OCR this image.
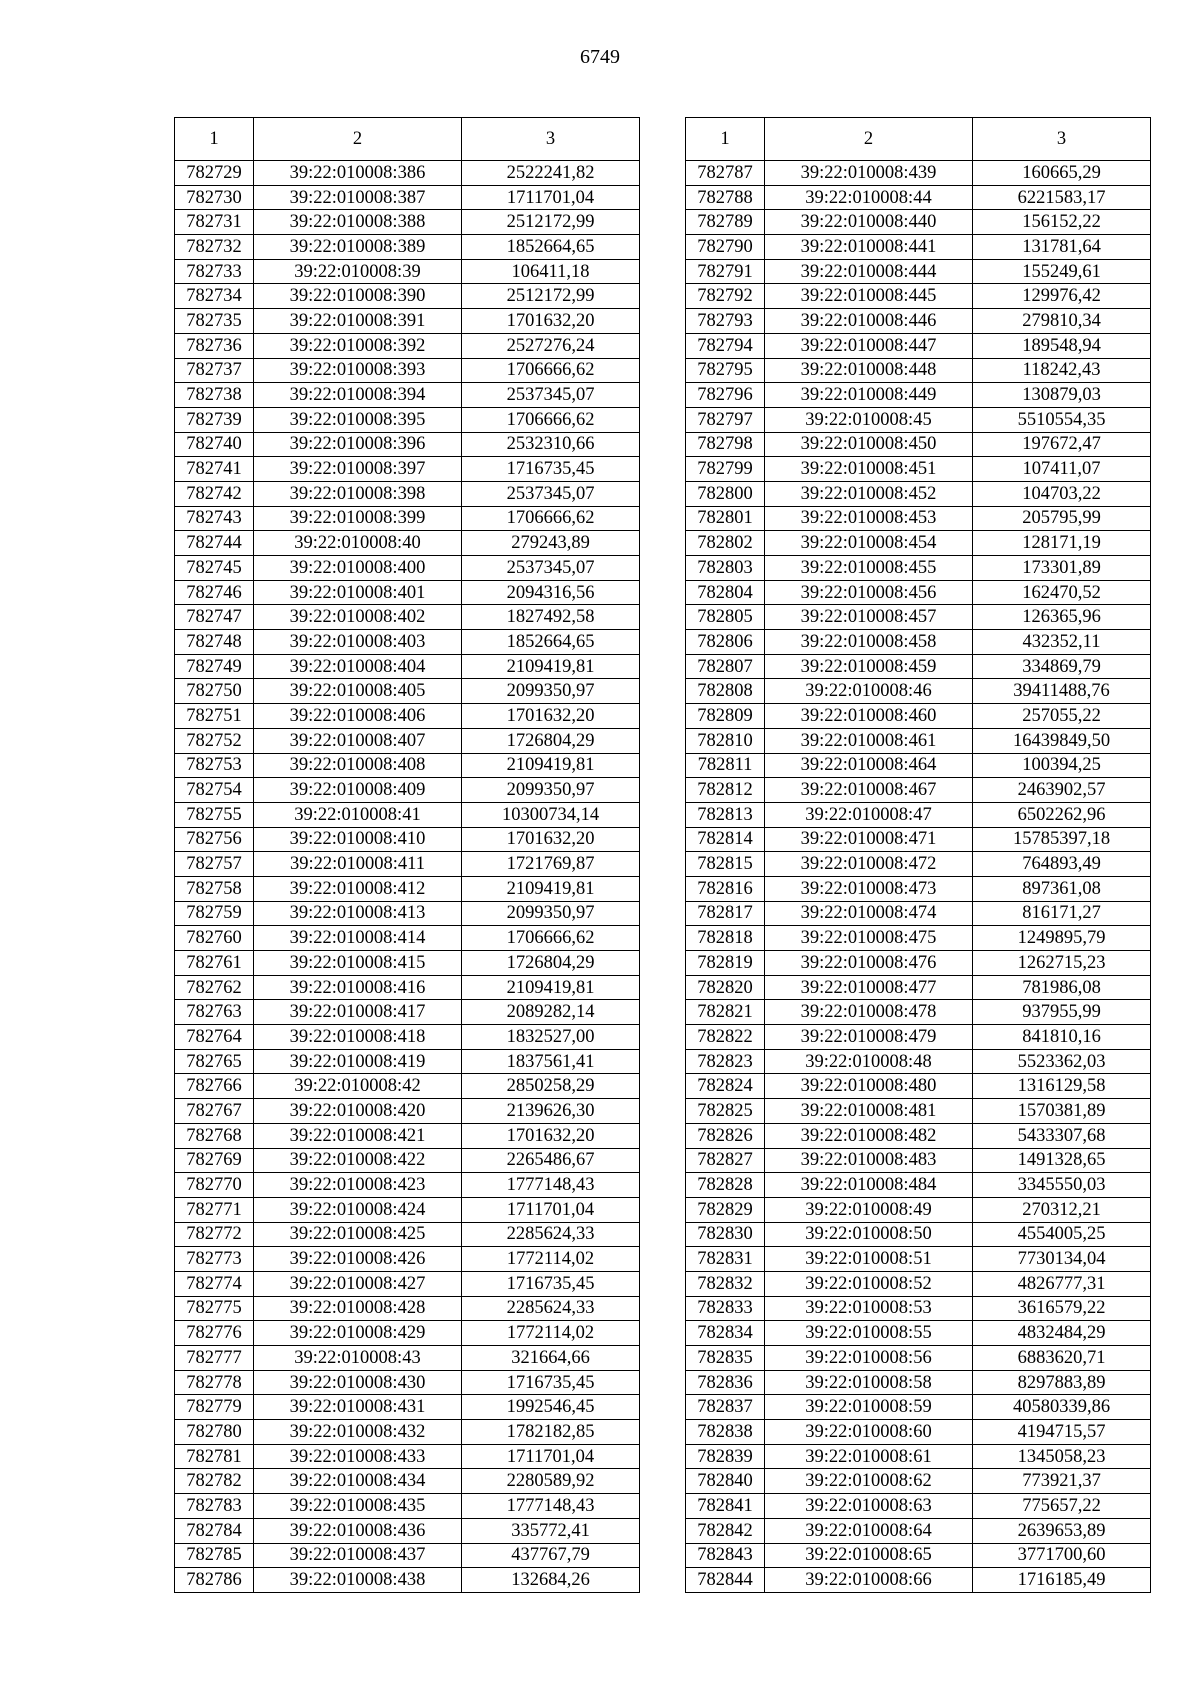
6749
1	2	3
782729	39:22:010008:386	2522241,82
782730	39:22:010008:387	1711701,04
782731	39:22:010008:388	2512172,99
782732	39:22:010008:389	1852664,65
782733	39:22:010008:39	106411,18
782734	39:22:010008:390	2512172,99
782735	39:22:010008:391	1701632,20
782736	39:22:010008:392	2527276,24
782737	39:22:010008:393	1706666,62
782738	39:22:010008:394	2537345,07
782739	39:22:010008:395	1706666,62
782740	39:22:010008:396	2532310,66
782741	39:22:010008:397	1716735,45
782742	39:22:010008:398	2537345,07
782743	39:22:010008:399	1706666,62
782744	39:22:010008:40	279243,89
782745	39:22:010008:400	2537345,07
782746	39:22:010008:401	2094316,56
782747	39:22:010008:402	1827492,58
782748	39:22:010008:403	1852664,65
782749	39:22:010008:404	2109419,81
782750	39:22:010008:405	2099350,97
782751	39:22:010008:406	1701632,20
782752	39:22:010008:407	1726804,29
782753	39:22:010008:408	2109419,81
782754	39:22:010008:409	2099350,97
782755	39:22:010008:41	10300734,14
782756	39:22:010008:410	1701632,20
782757	39:22:010008:411	1721769,87
782758	39:22:010008:412	2109419,81
782759	39:22:010008:413	2099350,97
782760	39:22:010008:414	1706666,62
782761	39:22:010008:415	1726804,29
782762	39:22:010008:416	2109419,81
782763	39:22:010008:417	2089282,14
782764	39:22:010008:418	1832527,00
782765	39:22:010008:419	1837561,41
782766	39:22:010008:42	2850258,29
782767	39:22:010008:420	2139626,30
782768	39:22:010008:421	1701632,20
782769	39:22:010008:422	2265486,67
782770	39:22:010008:423	1777148,43
782771	39:22:010008:424	1711701,04
782772	39:22:010008:425	2285624,33
782773	39:22:010008:426	1772114,02
782774	39:22:010008:427	1716735,45
782775	39:22:010008:428	2285624,33
782776	39:22:010008:429	1772114,02
782777	39:22:010008:43	321664,66
782778	39:22:010008:430	1716735,45
782779	39:22:010008:431	1992546,45
782780	39:22:010008:432	1782182,85
782781	39:22:010008:433	1711701,04
782782	39:22:010008:434	2280589,92
782783	39:22:010008:435	1777148,43
782784	39:22:010008:436	335772,41
782785	39:22:010008:437	437767,79
782786	39:22:010008:438	132684,26
1	2	3
782787	39:22:010008:439	160665,29
782788	39:22:010008:44	6221583,17
782789	39:22:010008:440	156152,22
782790	39:22:010008:441	131781,64
782791	39:22:010008:444	155249,61
782792	39:22:010008:445	129976,42
782793	39:22:010008:446	279810,34
782794	39:22:010008:447	189548,94
782795	39:22:010008:448	118242,43
782796	39:22:010008:449	130879,03
782797	39:22:010008:45	5510554,35
782798	39:22:010008:450	197672,47
782799	39:22:010008:451	107411,07
782800	39:22:010008:452	104703,22
782801	39:22:010008:453	205795,99
782802	39:22:010008:454	128171,19
782803	39:22:010008:455	173301,89
782804	39:22:010008:456	162470,52
782805	39:22:010008:457	126365,96
782806	39:22:010008:458	432352,11
782807	39:22:010008:459	334869,79
782808	39:22:010008:46	39411488,76
782809	39:22:010008:460	257055,22
782810	39:22:010008:461	16439849,50
782811	39:22:010008:464	100394,25
782812	39:22:010008:467	2463902,57
782813	39:22:010008:47	6502262,96
782814	39:22:010008:471	15785397,18
782815	39:22:010008:472	764893,49
782816	39:22:010008:473	897361,08
782817	39:22:010008:474	816171,27
782818	39:22:010008:475	1249895,79
782819	39:22:010008:476	1262715,23
782820	39:22:010008:477	781986,08
782821	39:22:010008:478	937955,99
782822	39:22:010008:479	841810,16
782823	39:22:010008:48	5523362,03
782824	39:22:010008:480	1316129,58
782825	39:22:010008:481	1570381,89
782826	39:22:010008:482	5433307,68
782827	39:22:010008:483	1491328,65
782828	39:22:010008:484	3345550,03
782829	39:22:010008:49	270312,21
782830	39:22:010008:50	4554005,25
782831	39:22:010008:51	7730134,04
782832	39:22:010008:52	4826777,31
782833	39:22:010008:53	3616579,22
782834	39:22:010008:55	4832484,29
782835	39:22:010008:56	6883620,71
782836	39:22:010008:58	8297883,89
782837	39:22:010008:59	40580339,86
782838	39:22:010008:60	4194715,57
782839	39:22:010008:61	1345058,23
782840	39:22:010008:62	773921,37
782841	39:22:010008:63	775657,22
782842	39:22:010008:64	2639653,89
782843	39:22:010008:65	3771700,60
782844	39:22:010008:66	1716185,49
